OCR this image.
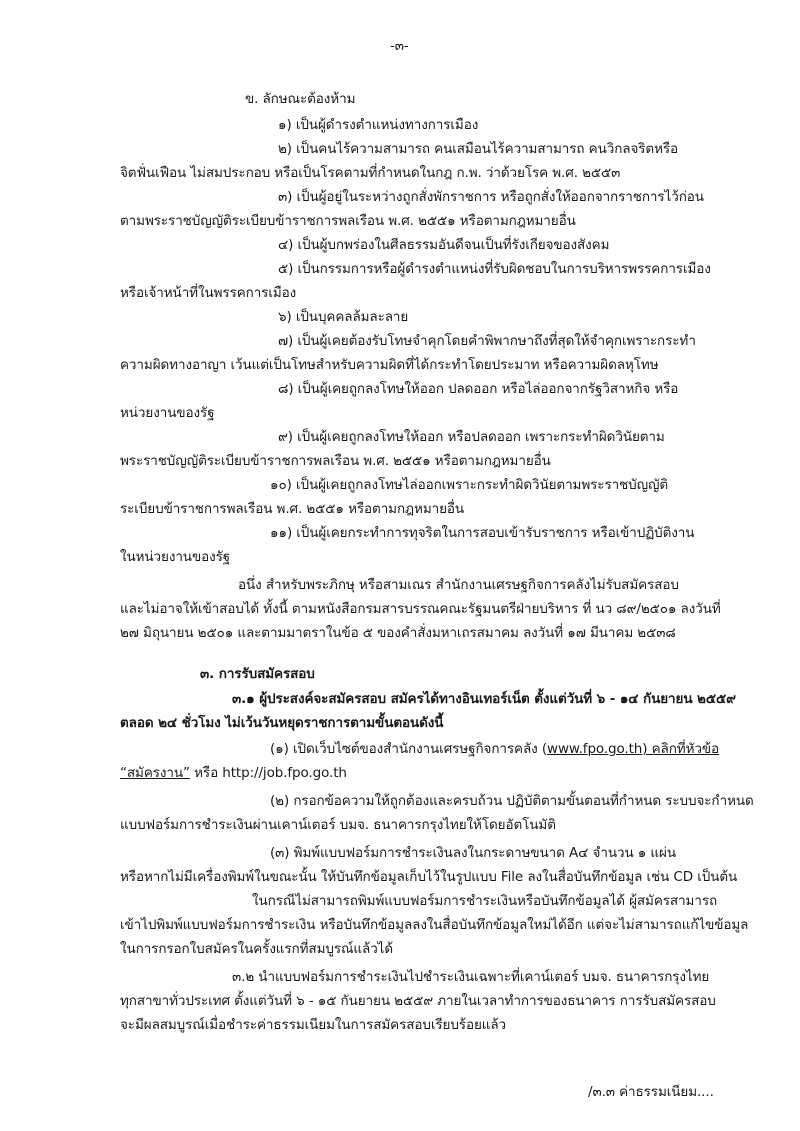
-๓-
ข. ลักษณะต้องห้าม
๑) เป็นผู้ดำรงตำแหน่งทางการเมือง
๒) เป็นคนไร้ความสามารถ คนเสมือนไร้ความสามารถ คนวิกลจริตหรือ
จิตฟั่นเฟือน ไม่สมประกอบ หรือเป็นโรคตามที่กำหนดในกฎ ก.พ. ว่าด้วยโรค พ.ศ. ๒๕๕๓
๓) เป็นผู้อยู่ในระหว่างถูกสั่งพักราชการ หรือถูกสั่งให้ออกจากราชการไว้ก่อน
ตามพระราชบัญญัติระเบียบข้าราชการพลเรือน พ.ศ. ๒๕๕๑ หรือตามกฎหมายอื่น
๔) เป็นผู้บกพร่องในศีลธรรมอันดีจนเป็นที่รังเกียจของสังคม
๕) เป็นกรรมการหรือผู้ดำรงตำแหน่งที่รับผิดชอบในการบริหารพรรคการเมือง
หรือเจ้าหน้าที่ในพรรคการเมือง
๖) เป็นบุคคลล้มละลาย
๗) เป็นผู้เคยต้องรับโทษจำคุกโดยคำพิพากษาถึงที่สุดให้จำคุกเพราะกระทำ
ความผิดทางอาญา เว้นแต่เป็นโทษสำหรับความผิดที่ได้กระทำโดยประมาท หรือความผิดลหุโทษ
๘) เป็นผู้เคยถูกลงโทษให้ออก ปลดออก หรือไล่ออกจากรัฐวิสาหกิจ หรือ
หน่วยงานของรัฐ
๙) เป็นผู้เคยถูกลงโทษให้ออก หรือปลดออก เพราะกระทำผิดวินัยตาม
พระราชบัญญัติระเบียบข้าราชการพลเรือน พ.ศ. ๒๕๕๑ หรือตามกฎหมายอื่น
๑๐) เป็นผู้เคยถูกลงโทษไล่ออกเพราะกระทำผิดวินัยตามพระราชบัญญัติ
ระเบียบข้าราชการพลเรือน พ.ศ. ๒๕๕๑ หรือตามกฎหมายอื่น
๑๑) เป็นผู้เคยกระทำการทุจริตในการสอบเข้ารับราชการ หรือเข้าปฏิบัติงาน
ในหน่วยงานของรัฐ
อนึ่ง สำหรับพระภิกษุ หรือสามเณร สำนักงานเศรษฐกิจการคลังไม่รับสมัครสอบ
และไม่อาจให้เข้าสอบได้ ทั้งนี้ ตามหนังสือกรมสารบรรณคณะรัฐมนตรีฝ่ายบริหาร ที่ นว ๘๙/๒๕๐๑ ลงวันที่
๒๗ มิถุนายน ๒๕๐๑ และตามมาตราในข้อ ๕ ของคำสั่งมหาเถรสมาคม ลงวันที่ ๑๗ มีนาคม ๒๕๓๘
๓. การรับสมัครสอบ
๓.๑ ผู้ประสงค์จะสมัครสอบ สมัครได้ทางอินเทอร์เน็ต ตั้งแต่วันที่ ๖ - ๑๔ กันยายน ๒๕๕๙
ตลอด ๒๔ ชั่วโมง ไม่เว้นวันหยุดราชการตามขั้นตอนดังนี้
(๑) เปิดเว็บไซต์ของสำนักงานเศรษฐกิจการคลัง (www.fpo.go.th) คลิกที่หัวข้อ
“สมัครงาน” หรือ http://job.fpo.go.th
(๒) กรอกข้อความให้ถูกต้องและครบถ้วน ปฏิบัติตามขั้นตอนที่กำหนด ระบบจะกำหนด
แบบฟอร์มการชำระเงินผ่านเคาน์เตอร์ บมจ. ธนาคารกรุงไทยให้โดยอัตโนมัติ
(๓) พิมพ์แบบฟอร์มการชำระเงินลงในกระดาษขนาด A๔ จำนวน ๑ แผ่น
หรือหากไม่มีเครื่องพิมพ์ในขณะนั้น ให้บันทึกข้อมูลเก็บไว้ในรูปแบบ File ลงในสื่อบันทึกข้อมูล เช่น CD เป็นต้น
ในกรณีไม่สามารถพิมพ์แบบฟอร์มการชำระเงินหรือบันทึกข้อมูลได้ ผู้สมัครสามารถ
เข้าไปพิมพ์แบบฟอร์มการชำระเงิน หรือบันทึกข้อมูลลงในสื่อบันทึกข้อมูลใหม่ได้อีก แต่จะไม่สามารถแก้ไขข้อมูล
ในการกรอกใบสมัครในครั้งแรกที่สมบูรณ์แล้วได้
๓.๒ นำแบบฟอร์มการชำระเงินไปชำระเงินเฉพาะที่เคาน์เตอร์ บมจ. ธนาคารกรุงไทย
ทุกสาขาทั่วประเทศ ตั้งแต่วันที่ ๖ - ๑๕ กันยายน ๒๕๕๙ ภายในเวลาทำการของธนาคาร การรับสมัครสอบ
จะมีผลสมบูรณ์เมื่อชำระค่าธรรมเนียมในการสมัครสอบเรียบร้อยแล้ว
/๓.๓ ค่าธรรมเนียม....
